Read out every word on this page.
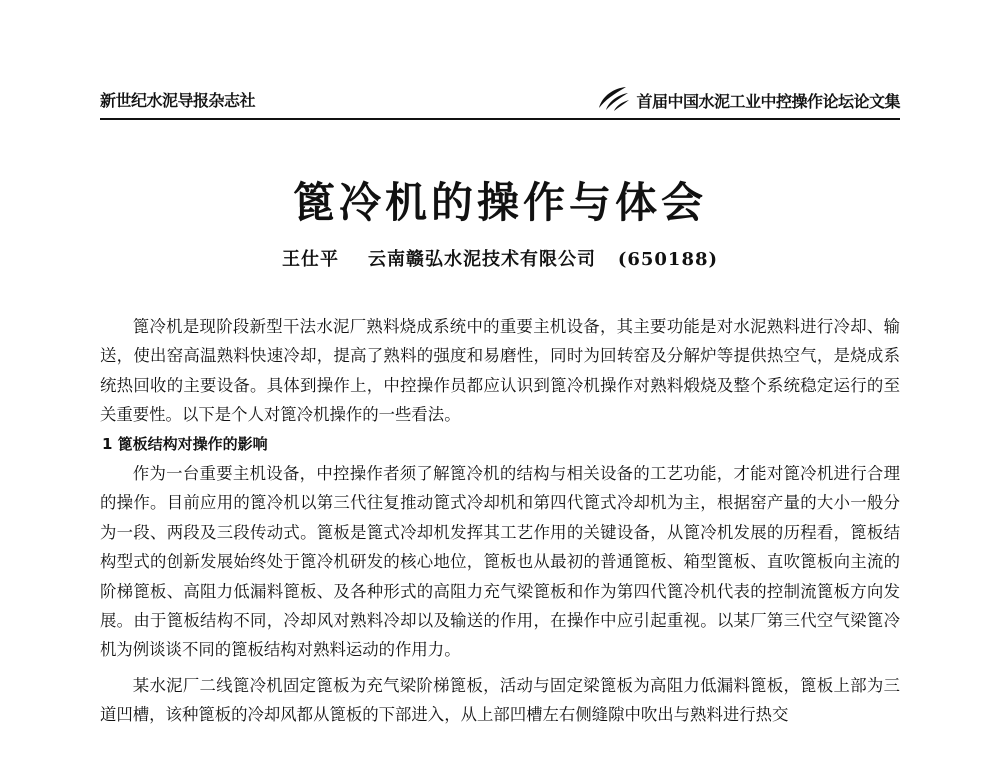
新世纪水泥导报杂志社	首届中国水泥工业中控操作论坛论文集
篦冷机的操作与体会
王仕平 云南赣弘水泥技术有限公司 (650188)

篦冷机是现阶段新型干法水泥厂熟料烧成系统中的重要主机设备，其主要功能是对水泥熟料进行冷却、输送，使出窑高温熟料快速冷却，提高了熟料的强度和易磨性，同时为回转窑及分解炉等提供热空气，是烧成系统热回收的主要设备。具体到操作上，中控操作员都应认识到篦冷机操作对熟料煅烧及整个系统稳定运行的至关重要性。以下是个人对篦冷机操作的一些看法。

1 篦板结构对操作的影响

作为一台重要主机设备，中控操作者须了解篦冷机的结构与相关设备的工艺功能，才能对篦冷机进行合理的操作。目前应用的篦冷机以第三代往复推动篦式冷却机和第四代篦式冷却机为主，根据窑产量的大小一般分为一段、两段及三段传动式。篦板是篦式冷却机发挥其工艺作用的关键设备，从篦冷机发展的历程看，篦板结构型式的创新发展始终处于篦冷机研发的核心地位，篦板也从最初的普通篦板、箱型篦板、直吹篦板向主流的阶梯篦板、高阻力低漏料篦板、及各种形式的高阻力充气梁篦板和作为第四代篦冷机代表的控制流篦板方向发展。由于篦板结构不同，冷却风对熟料冷却以及输送的作用，在操作中应引起重视。以某厂第三代空气梁篦冷机为例谈谈不同的篦板结构对熟料运动的作用力。

某水泥厂二线篦冷机固定篦板为充气梁阶梯篦板，活动与固定梁篦板为高阻力低漏料篦板，篦板上部为三道凹槽，该种篦板的冷却风都从篦板的下部进入，从上部凹槽左右侧缝隙中吹出与熟料进行热交
